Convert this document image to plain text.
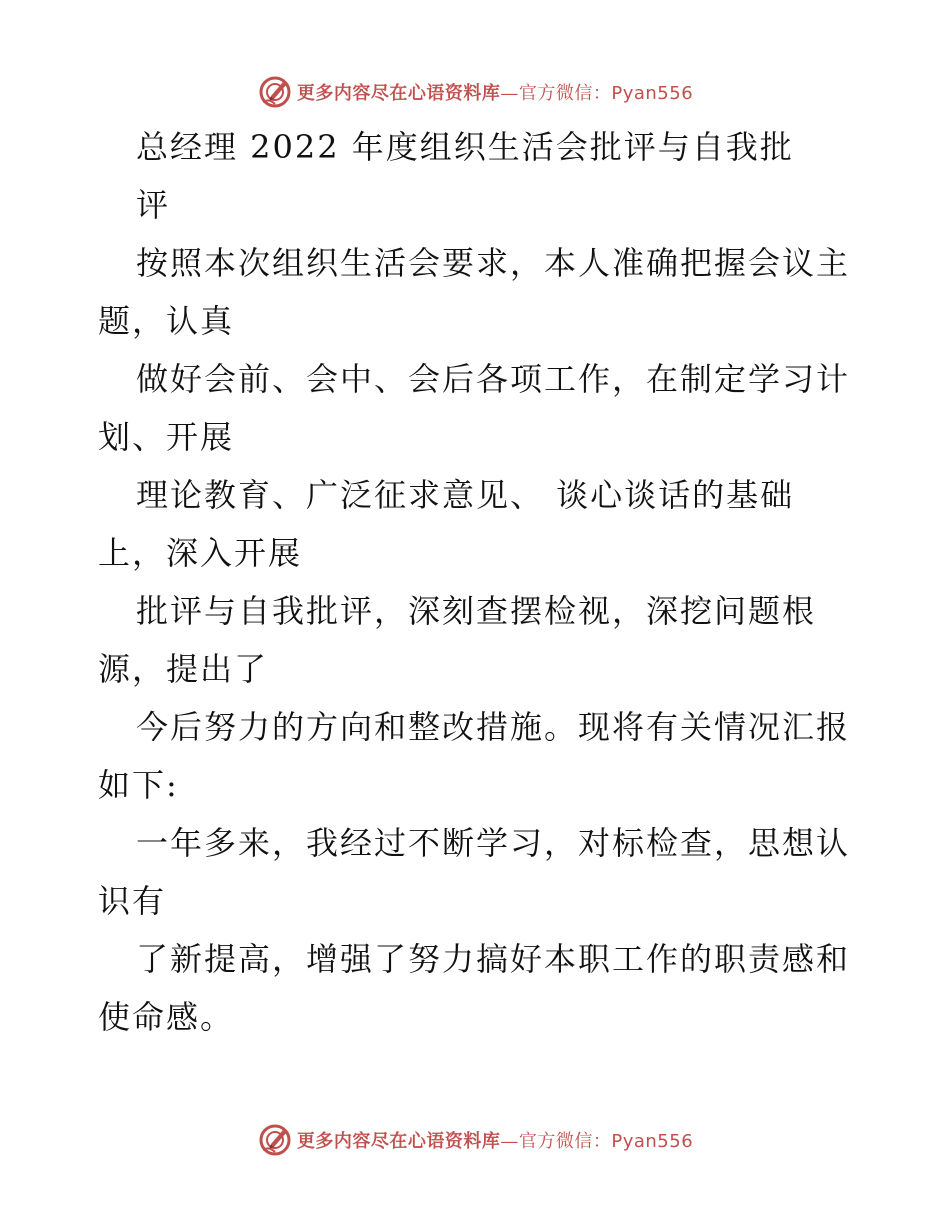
更多内容尽在心语资料库—官方微信：Pyan556
总经理 2022 年度组织生活会批评与自我批
评
按照本次组织生活会要求，本人准确把握会议主
题，认真
做好会前、会中、会后各项工作，在制定学习计
划、开展
理论教育、广泛征求意见、 谈心谈话的基础
上，深入开展
批评与自我批评，深刻查摆检视，深挖问题根
源，提出了
今后努力的方向和整改措施。现将有关情况汇报
如下:
一年多来，我经过不断学习，对标检查，思想认
识有
了新提高，增强了努力搞好本职工作的职责感和
使命感。
更多内容尽在心语资料库—官方微信：Pyan556
